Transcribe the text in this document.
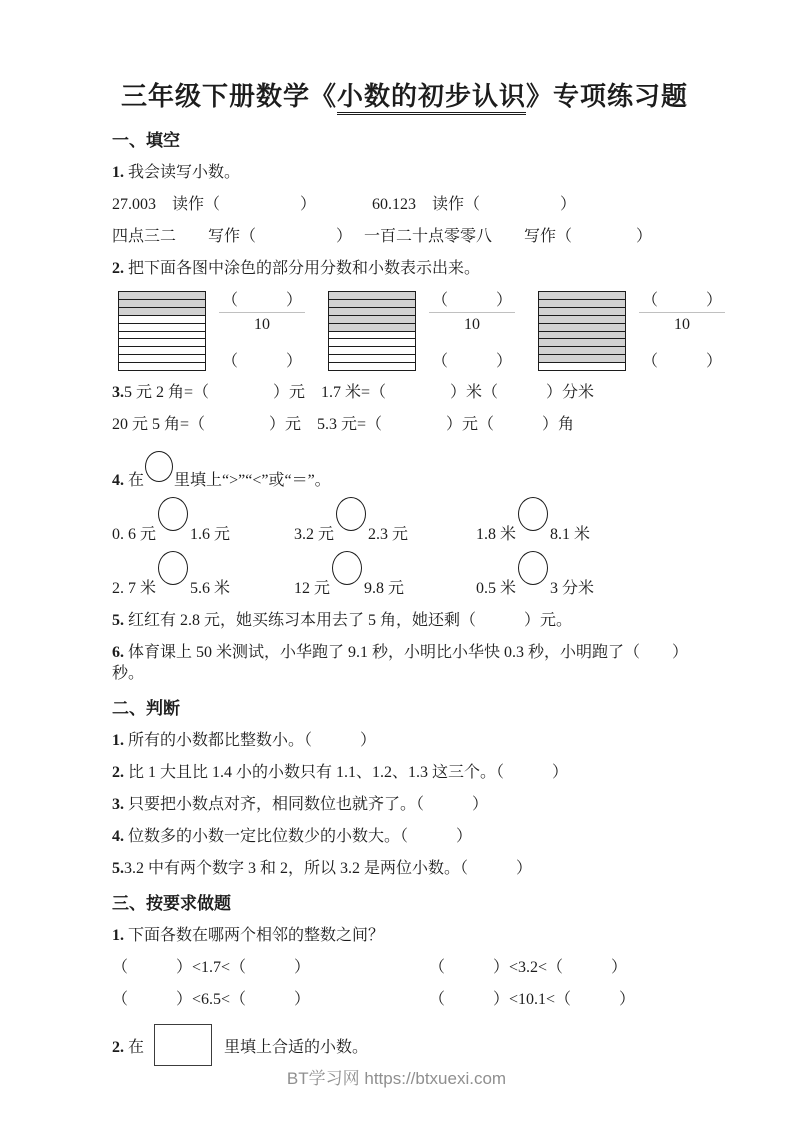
三年级下册数学《小数的初步认识》专项练习题
一、填空
1. 我会读写小数。
27.003　读作（　　　　　）　　　　60.123　读作（　　　　　）
四点三二　　写作（　　　　　）　 一百二十点零零八　　写作（　　　　）
2. 把下面各图中涂色的部分用分数和小数表示出来。
（　　　）
10
（　　　）
（　　　）
10
（　　　）
（　　　）
10
（　　　）
3.5 元 2 角=（　　　　）元　1.7 米=（　　　　）米（　　　）分米
20 元 5 角=（　　　　）元　5.3 元=（　　　　）元（　　　）角
4. 在 里填上“>”“<”或“＝”。
0. 6 元 1.6 元	3.2 元 2.3 元	1.8 米 8.1 米
2. 7 米 5.6 米	12 元 9.8 元	0.5 米 3 分米
5. 红红有 2.8 元，她买练习本用去了 5 角，她还剩（　　　）元。
6. 体育课上 50 米测试，小华跑了 9.1 秒，小明比小华快 0.3 秒，小明跑了（　　）秒。
二、判断
1. 所有的小数都比整数小。（　　　）
2. 比 1 大且比 1.4 小的小数只有 1.1、1.2、1.3 这三个。（　　　）
3. 只要把小数点对齐，相同数位也就齐了。（　　　）
4. 位数多的小数一定比位数少的小数大。（　　　）
5.3.2 中有两个数字 3 和 2，所以 3.2 是两位小数。（　　　）
三、按要求做题
1. 下面各数在哪两个相邻的整数之间？
（　　　）<1.7<（　　　）	（　　　）<3.2<（　　　）
（　　　）<6.5<（　　　）	（　　　）<10.1<（　　　）
2. 在	里填上合适的小数。
BT学习网 https://btxuexi.com
